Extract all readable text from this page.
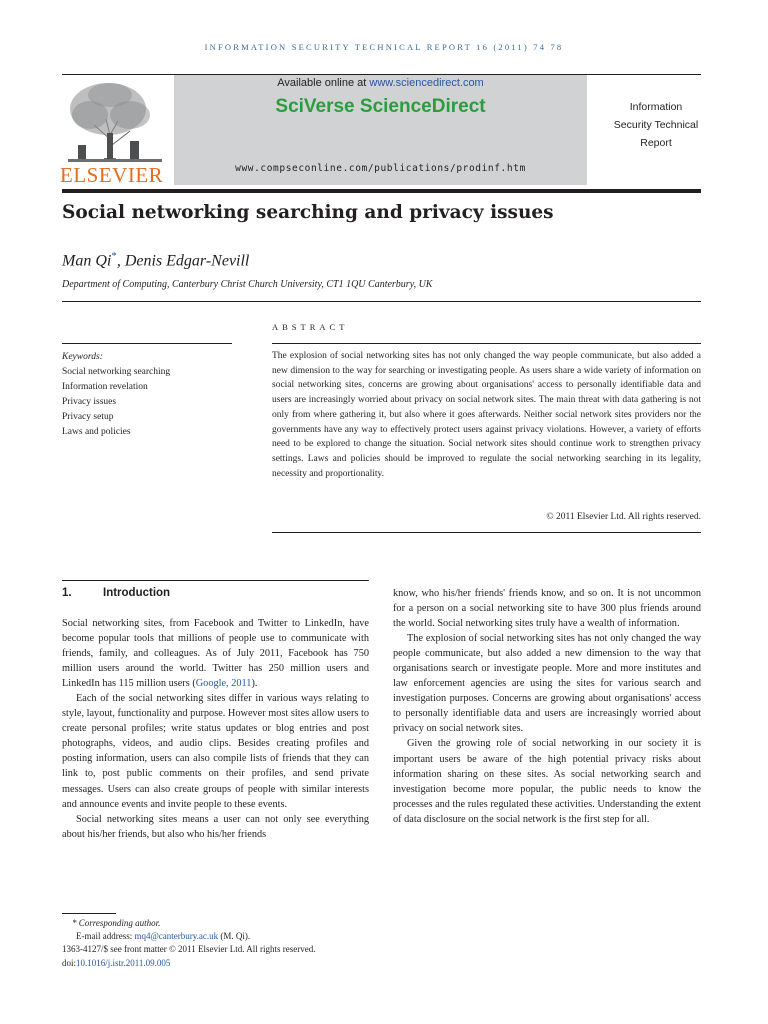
INFORMATION SECURITY TECHNICAL REPORT 16 (2011) 74 78
ELSEVIER
Available online at www.sciencedirect.com
SciVerse ScienceDirect
www.compseconline.com/publications/prodinf.htm
Information
Security Technical
Report
Social networking searching and privacy issues
Man Qi*, Denis Edgar-Nevill
Department of Computing, Canterbury Christ Church University, CT1 1QU Canterbury, UK
ABSTRACT
Keywords:
Social networking searching
Information revelation
Privacy issues
Privacy setup
Laws and policies
The explosion of social networking sites has not only changed the way people communicate, but also added a new dimension to the way for searching or investigating people. As users share a wide variety of information on social networking sites, concerns are growing about organisations' access to personally identifiable data and users are increasingly worried about privacy on social network sites. The main threat with data gathering is not only from where gathering it, but also where it goes afterwards. Neither social network sites providers nor the governments have any way to effectively protect users against privacy violations. However, a variety of efforts need to be explored to change the situation. Social network sites should continue work to strengthen privacy settings. Laws and policies should be improved to regulate the social networking searching in its legality, necessity and proportionality.
© 2011 Elsevier Ltd. All rights reserved.
1.	Introduction

Social networking sites, from Facebook and Twitter to LinkedIn, have become popular tools that millions of people use to communicate with friends, family, and colleagues. As of July 2011, Facebook has 750 million users around the world. Twitter has 250 million users and LinkedIn has 115 million users (Google, 2011).

Each of the social networking sites differ in various ways relating to style, layout, functionality and purpose. However most sites allow users to create personal profiles; write status updates or blog entries and post photographs, videos, and audio clips. Besides creating profiles and posting information, users can also compile lists of friends that they can link to, post public comments on their profiles, and send private messages. Users can also create groups of people with similar interests and announce events and invite people to these events.

Social networking sites means a user can not only see everything about his/her friends, but also who his/her friends

know, who his/her friends' friends know, and so on. It is not uncommon for a person on a social networking site to have 300 plus friends around the world. Social networking sites truly have a wealth of information.

The explosion of social networking sites has not only changed the way people communicate, but also added a new dimension to the way that organisations search or investigate people. More and more institutes and law enforcement agencies are using the sites for various search and investigation purposes. Concerns are growing about organisations' access to personally identifiable data and users are increasingly worried about privacy on social network sites.

Given the growing role of social networking in our society it is important users be aware of the high potential privacy risks about information sharing on these sites. As social networking search and investigation become more popular, the public needs to know the processes and the rules regulated these activities. Understanding the extent of data disclosure on the social network is the first step for all.

* Corresponding author.
E-mail address: mq4@canterbury.ac.uk (M. Qi).
1363-4127/$ see front matter © 2011 Elsevier Ltd. All rights reserved.
doi:10.1016/j.istr.2011.09.005
